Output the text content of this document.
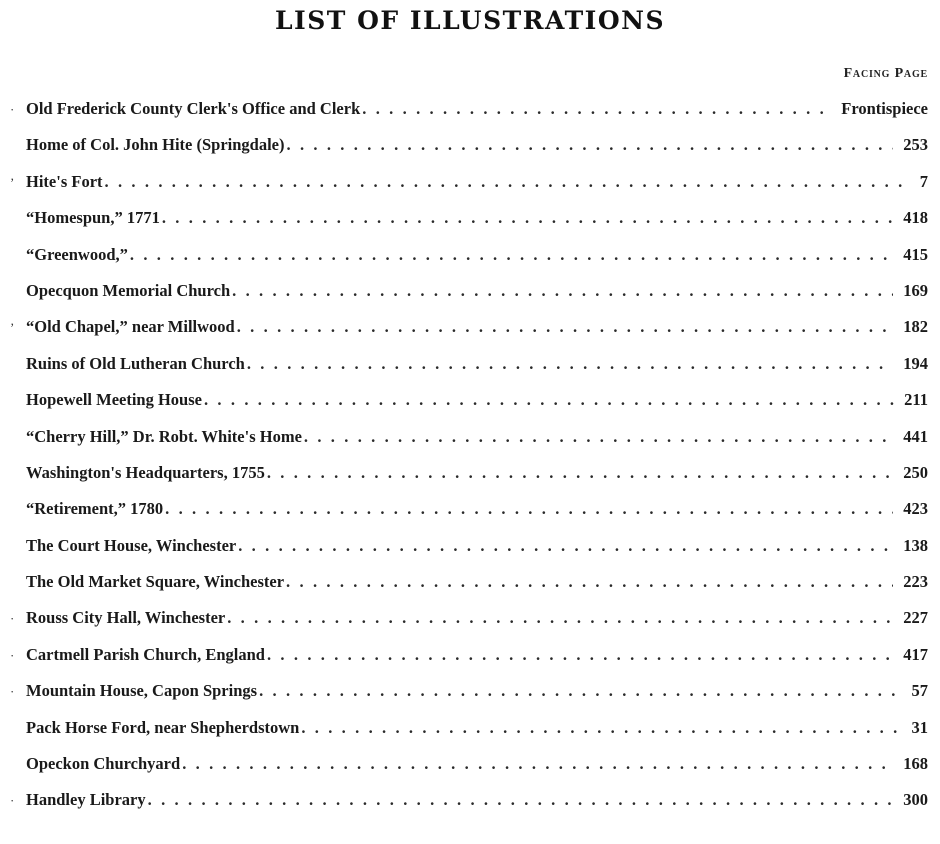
LIST OF ILLUSTRATIONS
Facing Page
· Old Frederick County Clerk's Office and Clerk . . .	Frontispiece
Home of Col. John Hite (Springdale) . . .	253
ʼ Hite's Fort . . .	7
“Homespun,” 1771 . . .	418
“Greenwood,” . . .	415
Opecquon Memorial Church . . .	169
ʼ “Old Chapel,” near Millwood . . .	182
Ruins of Old Lutheran Church . . .	194
Hopewell Meeting House . . .	211
“Cherry Hill,” Dr. Robt. White's Home . . .	441
Washington's Headquarters, 1755 . . .	250
“Retirement,” 1780 . . .	423
The Court House, Winchester . . .	138
The Old Market Square, Winchester . . .	223
· Rouss City Hall, Winchester . . .	227
· Cartmell Parish Church, England . . .	417
· Mountain House, Capon Springs . . .	57
Pack Horse Ford, near Shepherdstown . . .	31
Opeckon Churchyard . . .	168
· Handley Library . . .	300
